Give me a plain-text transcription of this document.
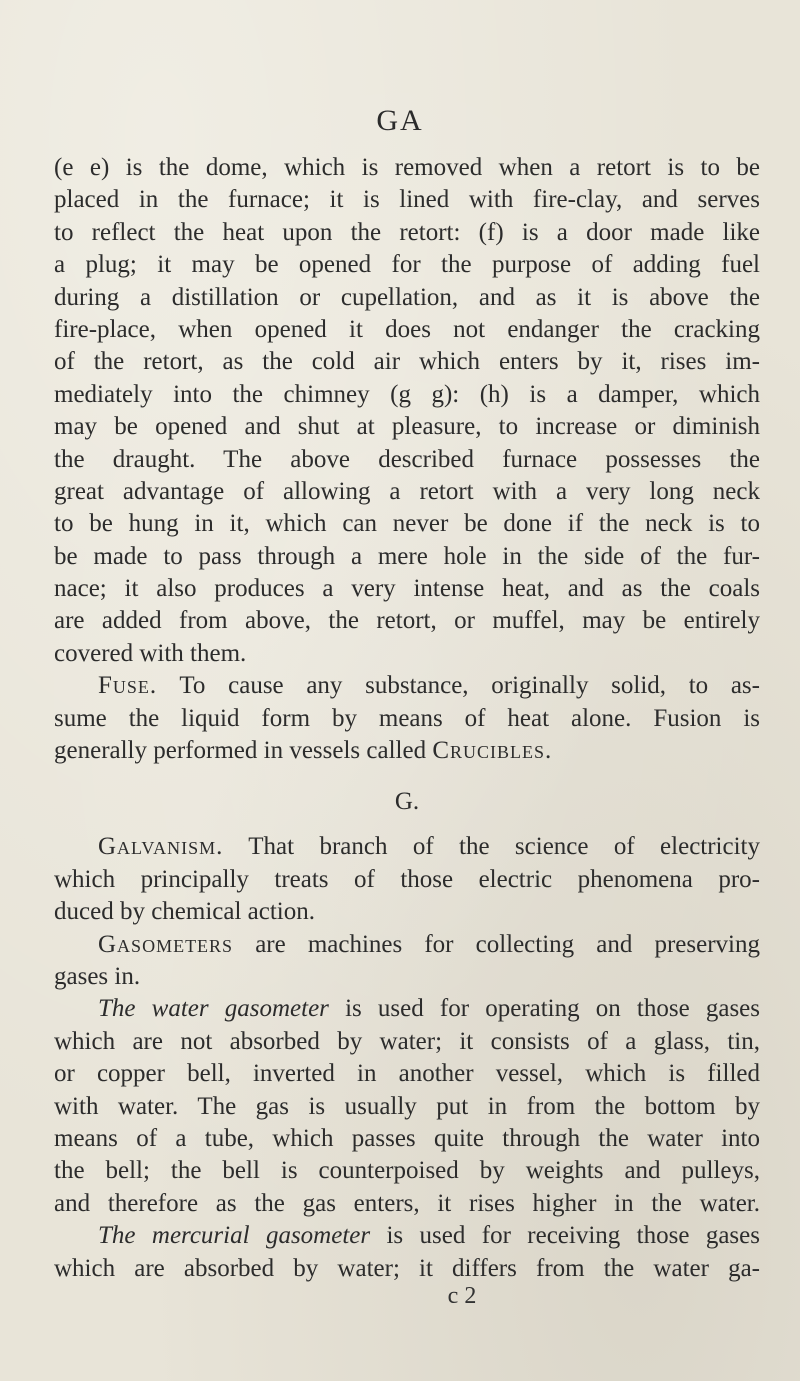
GA
(e e) is the dome, which is removed when a retort is to be
placed in the furnace; it is lined with fire-clay, and serves
to reflect the heat upon the retort: (f) is a door made like
a plug; it may be opened for the purpose of adding fuel
during a distillation or cupellation, and as it is above the
fire-place, when opened it does not endanger the cracking
of the retort, as the cold air which enters by it, rises im-
mediately into the chimney (g g): (h) is a damper, which
may be opened and shut at pleasure, to increase or diminish
the draught. The above described furnace possesses the
great advantage of allowing a retort with a very long neck
to be hung in it, which can never be done if the neck is to
be made to pass through a mere hole in the side of the fur-
nace; it also produces a very intense heat, and as the coals
are added from above, the retort, or muffel, may be entirely
covered with them.
Fuse. To cause any substance, originally solid, to as-
sume the liquid form by means of heat alone. Fusion is
generally performed in vessels called Crucibles.
G.
Galvanism. That branch of the science of electricity
which principally treats of those electric phenomena pro-
duced by chemical action.
Gasometers are machines for collecting and preserving
gases in.
The water gasometer is used for operating on those gases
which are not absorbed by water; it consists of a glass, tin,
or copper bell, inverted in another vessel, which is filled
with water. The gas is usually put in from the bottom by
means of a tube, which passes quite through the water into
the bell; the bell is counterpoised by weights and pulleys,
and therefore as the gas enters, it rises higher in the water.
The mercurial gasometer is used for receiving those gases
which are absorbed by water; it differs from the water ga-
c 2
